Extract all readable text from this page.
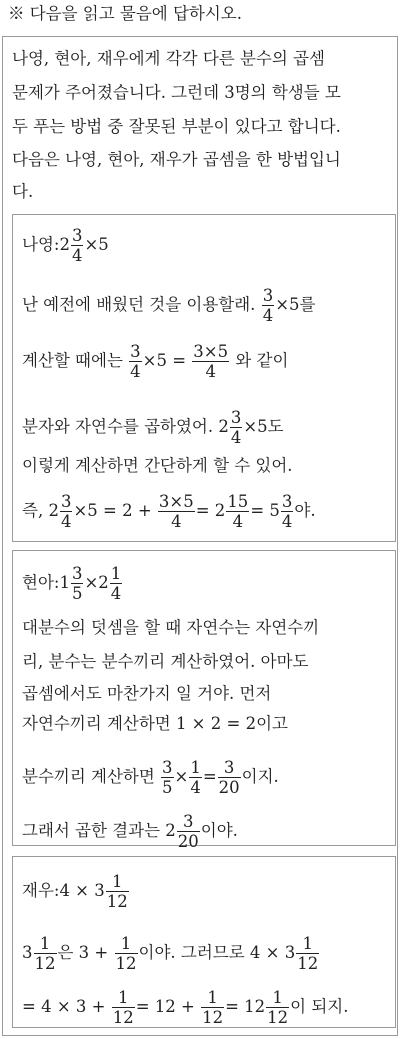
※ 다음을 읽고 물음에 답하시오.
나영, 현아, 재우에게 각각 다른 분수의 곱셈
문제가 주어졌습니다. 그런데 3명의 학생들 모
두 푸는 방법 중 잘못된 부분이 있다고 합니다.
다음은 나영, 현아, 재우가 곱셈을 한 방법입니
다.
나영:2 $\frac{3}{4} \times 5$
난 예전에 배웠던 것을 이용할래. $\frac{3}{4} \times 5$를
계산할 때에는 $\frac{3}{4} \times 5 = \frac{3\times 5}{4}$ 와 같이
분자와 자연수를 곱하였어. $2 \frac{3}{4} \times 5$도
이렇게 계산하면 간단하게 할 수 있어.
즉, $2 \frac{3}{4} \times 5 = 2 + \frac{3\times 5}{4} = 2 \frac{15}{4} = 5 \frac{3}{4}$ 야.
현아:1 $\frac{3}{5} \times 2 \frac{1}{4}$
대분수의 덧셈을 할 때 자연수는 자연수끼
리, 분수는 분수끼리 계산하였어. 아마도
곱셈에서도 마찬가지 일 거야. 먼저
자연수끼리 계산하면 1 × 2 = 2이고
분수끼리 계산하면 $\frac{3}{5} \times \frac{1}{4} = \frac{3}{20}$ 이지.
그래서 곱한 결과는 $2 \frac{3}{20}$ 이야.
재우:4 × $3 \frac{1}{12}$
$3 \frac{1}{12}$ 은 $3 + \frac{1}{12}$ 이야. 그러므로 $4 \times 3 \frac{1}{12}$
= $4 \times 3 + \frac{1}{12} = 12 + \frac{1}{12} = 12 \frac{1}{12}$ 이 되지.
